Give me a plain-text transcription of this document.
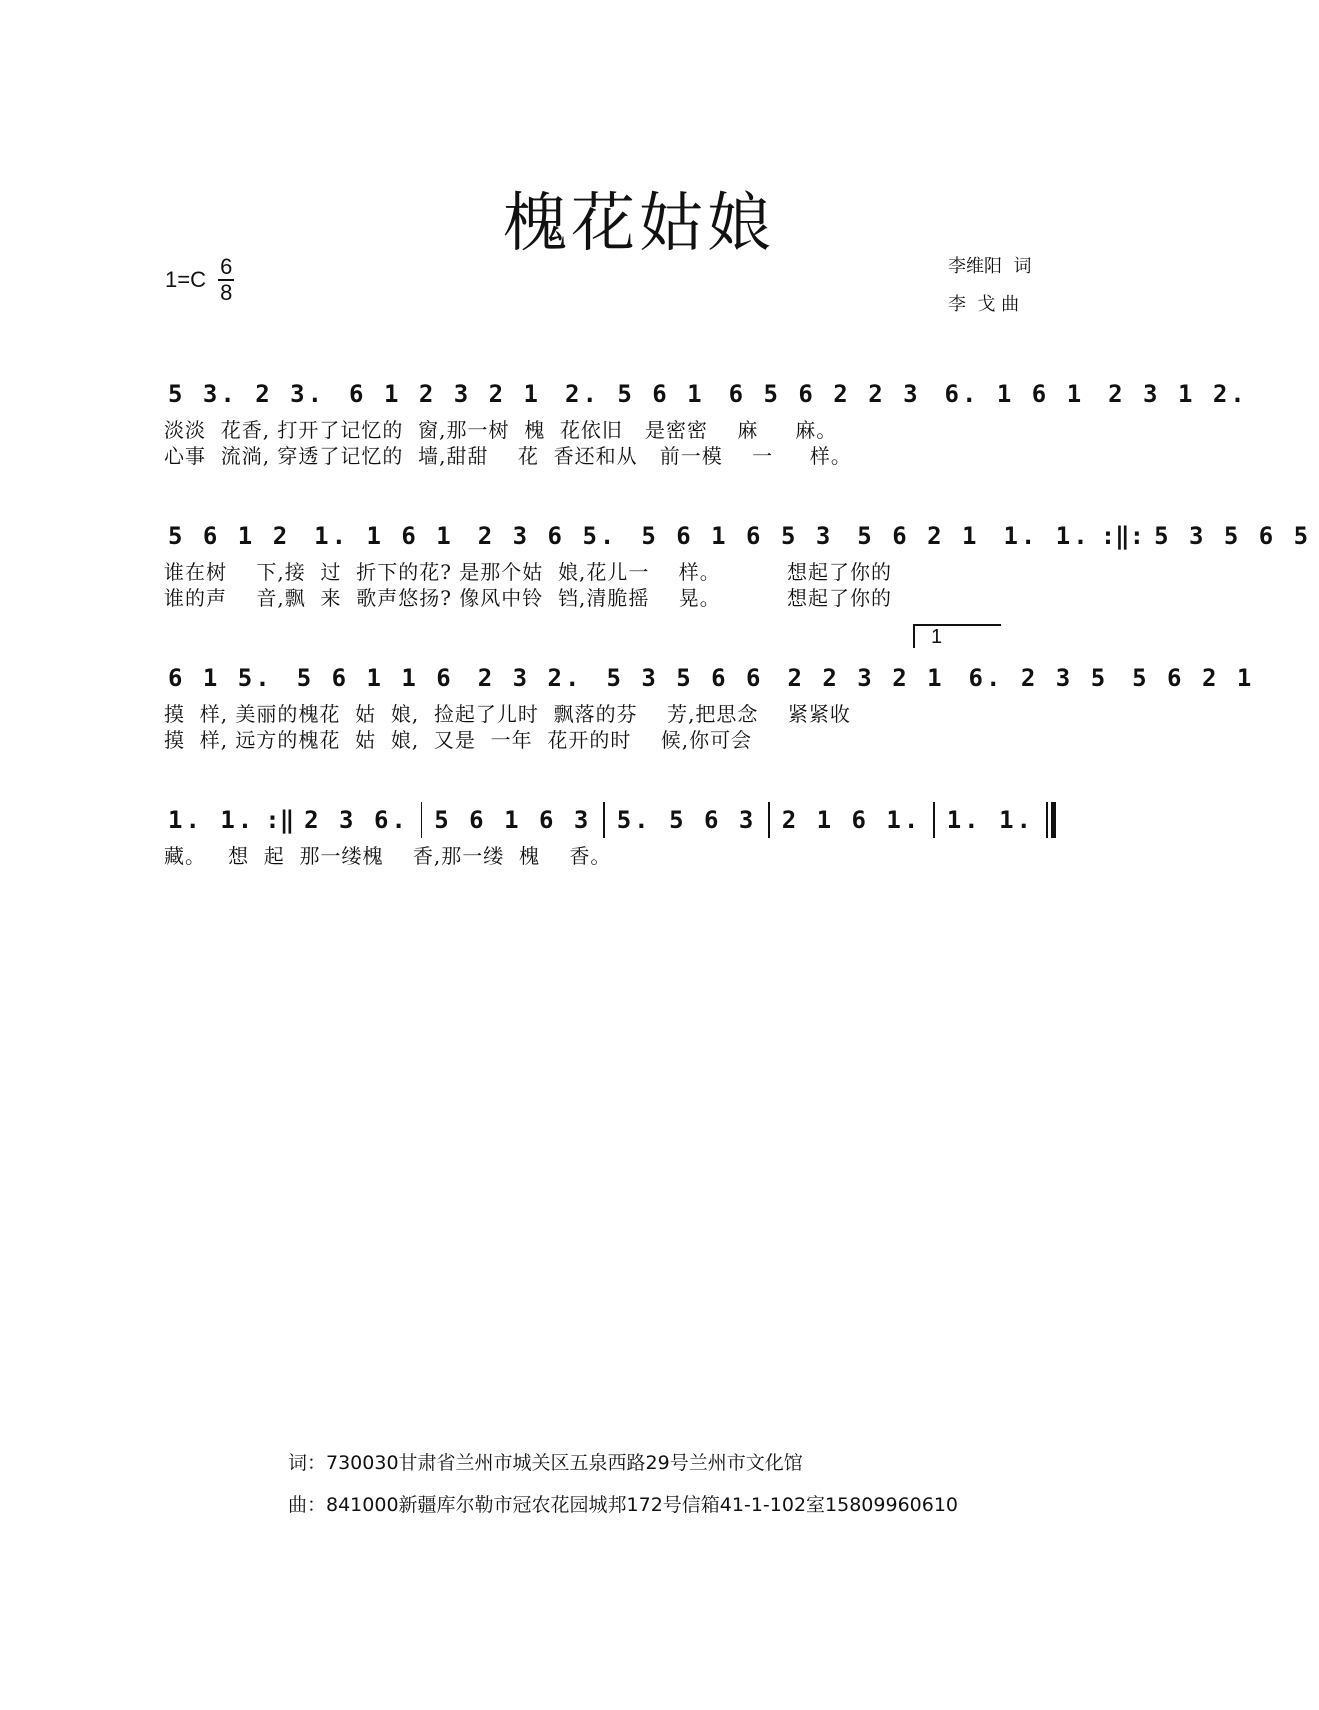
槐花姑娘
$1=C \frac{6}{8}$	李维阳  词
李  戈 曲
5 3. 2 3.	6 1 2 3 2 1	2. 5 6 1	6 5 6 2 2 3	6. 1 6 1	2 3 1 2.
淡淡  花香, 打开了记忆的  窗,那一树  槐  花依旧   是密密    麻     麻。
心事  流淌, 穿透了记忆的  墙,甜甜    花  香还和从   前一模    一     样。
5 6 1 2	1. 1 6 1	2 3 6 5.	5 6 1 6 5 3	5 6 2 1	1. 1. :‖: 5 3 5 6 5
谁在树    下,接  过  折下的花? 是那个姑  娘,花儿一    样。         想起了你的
谁的声    音,飘  来  歌声悠扬? 像风中铃  铛,清脆摇    晃。         想起了你的
1
6 1 5.	5 6 1 1 6	2 3 2.	5 3 5 6 6	2 2 3 2 1	6. 2 3 5	5 6 2 1
摸  样, 美丽的槐花  姑  娘,  捡起了儿时  飘落的芬    芳,把思念    紧紧收
摸  样, 远方的槐花  姑  娘,  又是  一年  花开的时    候,你可会
1. 1. :‖ 2 3 6.	5 6 1 6 3	5. 5 6 3	2 1 6 1.	1. 1.
藏。   想  起  那一缕槐    香,那一缕  槐    香。
词：730030甘肃省兰州市城关区五泉西路29号兰州市文化馆
曲：841000新疆库尔勒市冠农花园城邦172号信箱41-1-102室15809960610
